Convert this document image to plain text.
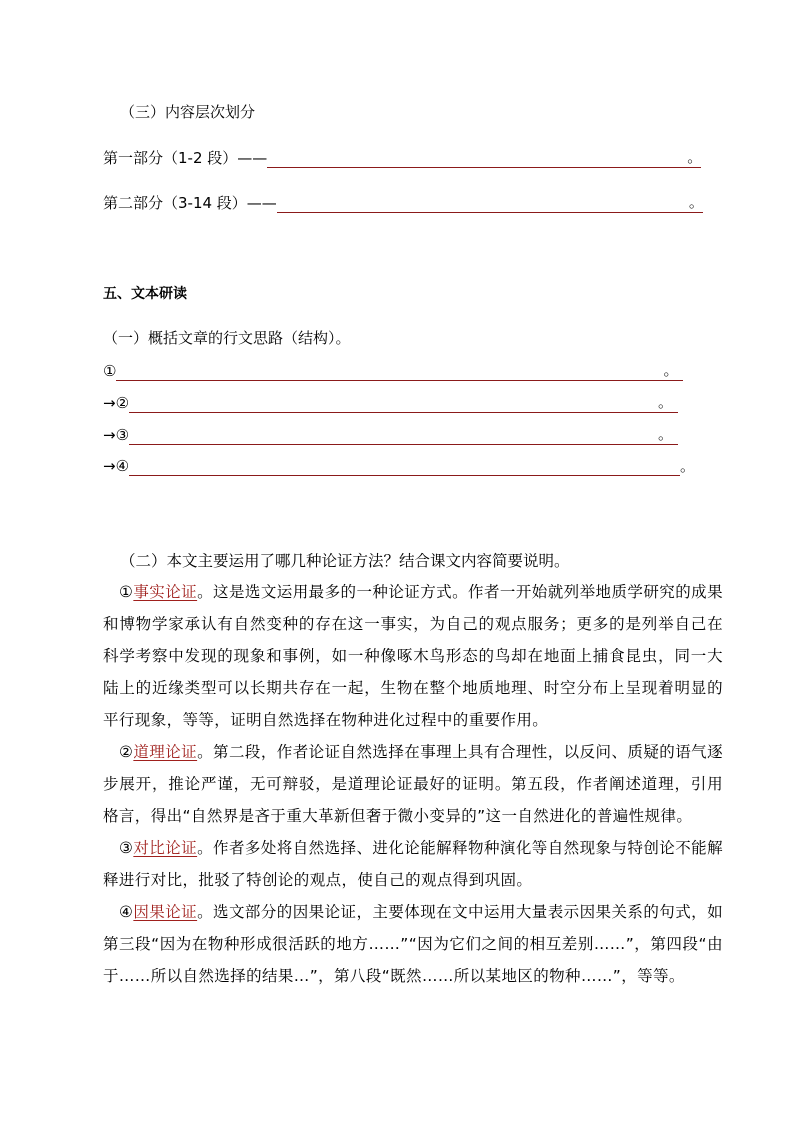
（三）内容层次划分
第一部分（1-2 段）——	。
第二部分（3-14 段）——	。
五、文本研读
（一）概括文章的行文思路（结构）。
①	。
→②	。
→③	。
→④	。
（二）本文主要运用了哪几种论证方法？结合课文内容简要说明。
①事实论证。这是选文运用最多的一种论证方式。作者一开始就列举地质学研究的成果和博物学家承认有自然变种的存在这一事实，为自己的观点服务；更多的是列举自己在科学考察中发现的现象和事例，如一种像啄木鸟形态的鸟却在地面上捕食昆虫，同一大陆上的近缘类型可以长期共存在一起，生物在整个地质地理、时空分布上呈现着明显的平行现象，等等，证明自然选择在物种进化过程中的重要作用。
②道理论证。第二段，作者论证自然选择在事理上具有合理性，以反问、质疑的语气逐步展开，推论严谨，无可辩驳，是道理论证最好的证明。第五段，作者阐述道理，引用格言，得出“自然界是吝于重大革新但奢于微小变异的”这一自然进化的普遍性规律。
③对比论证。作者多处将自然选择、进化论能解释物种演化等自然现象与特创论不能解释进行对比，批驳了特创论的观点，使自己的观点得到巩固。
④因果论证。选文部分的因果论证，主要体现在文中运用大量表示因果关系的句式，如第三段“因为在物种形成很活跃的地方……”“因为它们之间的相互差别……”，第四段“由于……所以自然选择的结果…”，第八段“既然……所以某地区的物种……”，等等。
